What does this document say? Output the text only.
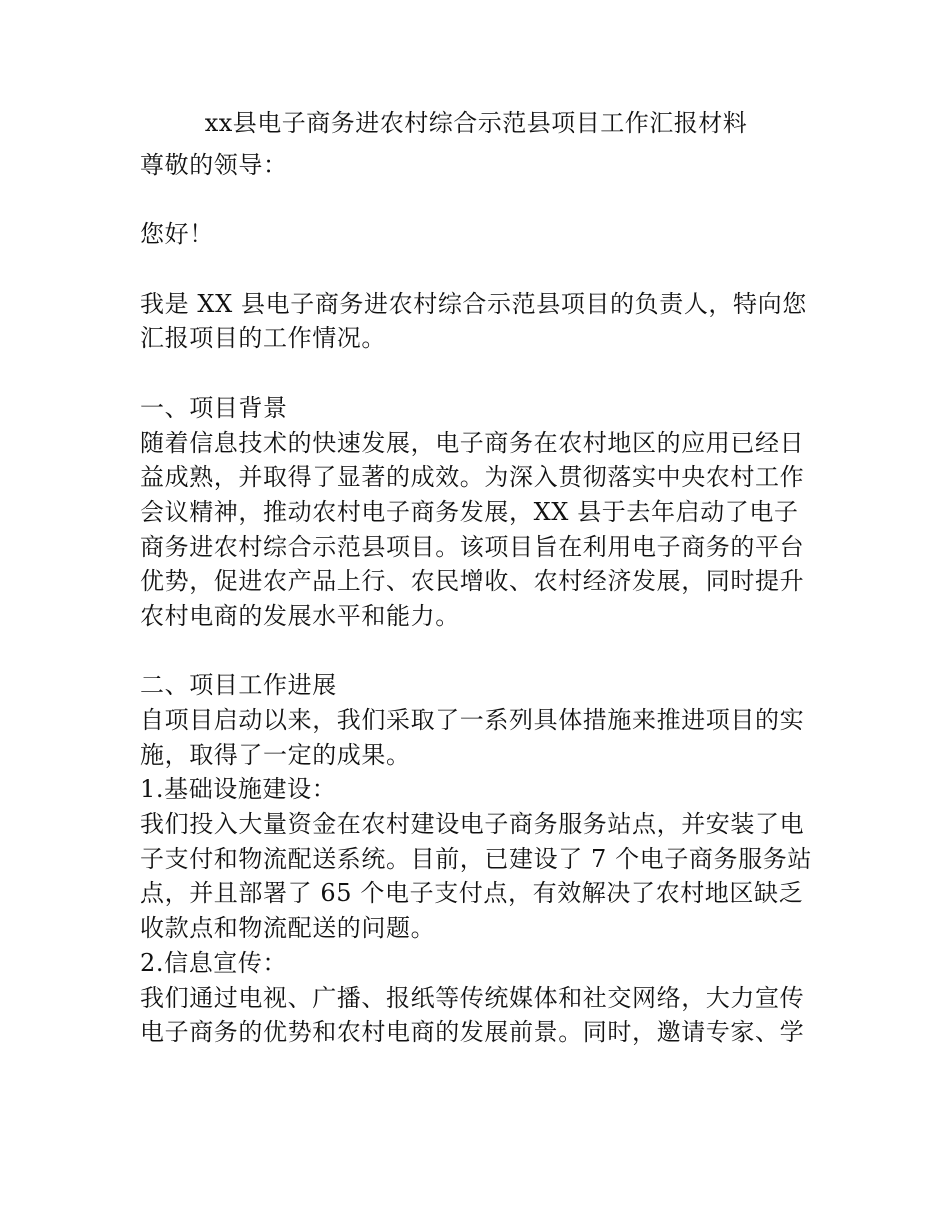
xx县电子商务进农村综合示范县项目工作汇报材料
尊敬的领导：
您好！
我是 XX 县电子商务进农村综合示范县项目的负责人，特向您
汇报项目的工作情况。
一、项目背景
随着信息技术的快速发展，电子商务在农村地区的应用已经日
益成熟，并取得了显著的成效。为深入贯彻落实中央农村工作
会议精神，推动农村电子商务发展，XX 县于去年启动了电子
商务进农村综合示范县项目。该项目旨在利用电子商务的平台
优势，促进农产品上行、农民增收、农村经济发展，同时提升
农村电商的发展水平和能力。
二、项目工作进展
自项目启动以来，我们采取了一系列具体措施来推进项目的实
施，取得了一定的成果。
1.基础设施建设：
我们投入大量资金在农村建设电子商务服务站点，并安装了电
子支付和物流配送系统。目前，已建设了 7 个电子商务服务站
点，并且部署了 65 个电子支付点，有效解决了农村地区缺乏
收款点和物流配送的问题。
2.信息宣传：
我们通过电视、广播、报纸等传统媒体和社交网络，大力宣传
电子商务的优势和农村电商的发展前景。同时，邀请专家、学
